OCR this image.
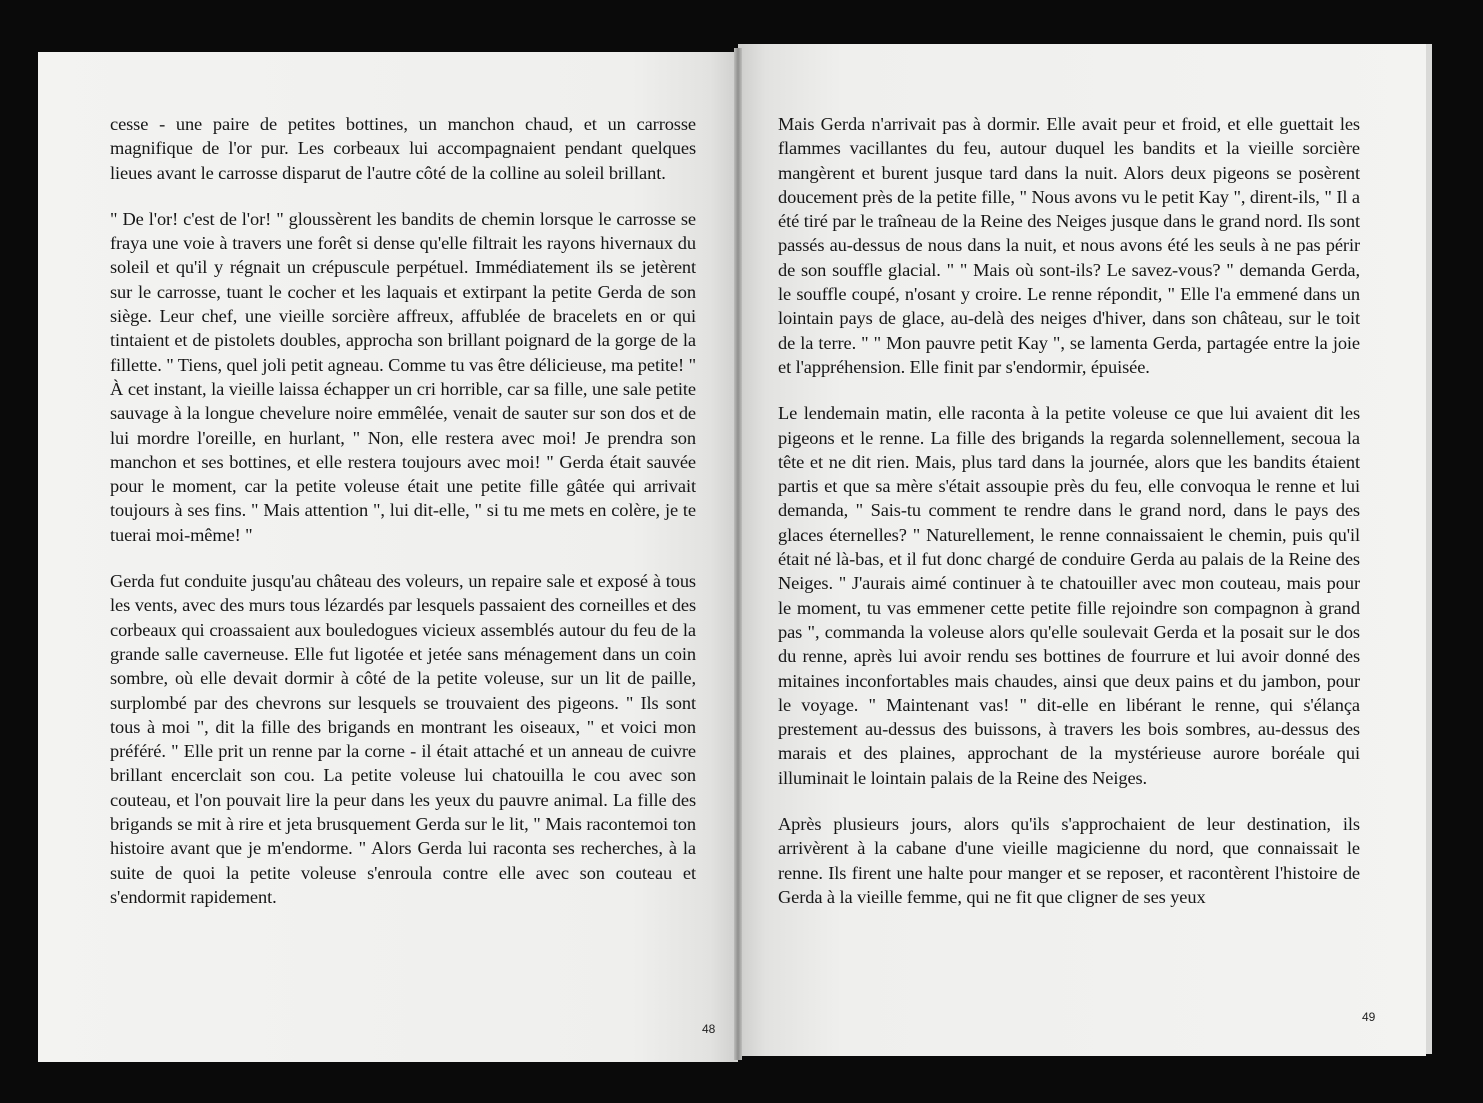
cesse - une paire de petites bottines, un manchon chaud, et un carrosse magnifique de l'or pur. Les corbeaux lui accompagnaient pendant quelques lieues avant le carrosse disparut de l'autre côté de la colline au soleil brillant.

" De l'or! c'est de l'or! " gloussèrent les bandits de chemin lorsque le carrosse se fraya une voie à travers une forêt si dense qu'elle filtrait les rayons hivernaux du soleil et qu'il y régnait un crépuscule perpétuel. Immédiatement ils se jetèrent sur le carrosse, tuant le cocher et les laquais et extirpant la petite Gerda de son siège. Leur chef, une vieille sorcière affreux, affublée de bracelets en or qui tintaient et de pistolets doubles, approcha son brillant poignard de la gorge de la fillette. " Tiens, quel joli petit agneau. Comme tu vas être délicieuse, ma petite! " À cet instant, la vieille laissa échapper un cri horrible, car sa fille, une sale petite sauvage à la longue chevelure noire emmêlée, venait de sauter sur son dos et de lui mordre l'oreille, en hurlant, " Non, elle restera avec moi! Je prendra son manchon et ses bottines, et elle restera toujours avec moi! " Gerda était sauvée pour le moment, car la petite voleuse était une petite fille gâtée qui arrivait toujours à ses fins. " Mais attention ", lui dit-elle, " si tu me mets en colère, je te tuerai moi-même! "

Gerda fut conduite jusqu'au château des voleurs, un repaire sale et exposé à tous les vents, avec des murs tous lézardés par lesquels passaient des corneilles et des corbeaux qui croassaient aux bouledogues vicieux assemblés autour du feu de la grande salle caverneuse. Elle fut ligotée et jetée sans ménagement dans un coin sombre, où elle devait dormir à côté de la petite voleuse, sur un lit de paille, surplombé par des chevrons sur lesquels se trouvaient des pigeons. " Ils sont tous à moi ", dit la fille des brigands en montrant les oiseaux, " et voici mon préféré. " Elle prit un renne par la corne - il était attaché et un anneau de cuivre brillant encerclait son cou. La petite voleuse lui chatouilla le cou avec son couteau, et l'on pouvait lire la peur dans les yeux du pauvre animal. La fille des brigands se mit à rire et jeta brusquement Gerda sur le lit, " Mais racontemoi ton histoire avant que je m'endorme. " Alors Gerda lui raconta ses recherches, à la suite de quoi la petite voleuse s'enroula contre elle avec son couteau et s'endormit rapidement.

48

Mais Gerda n'arrivait pas à dormir. Elle avait peur et froid, et elle guettait les flammes vacillantes du feu, autour duquel les bandits et la vieille sorcière mangèrent et burent jusque tard dans la nuit. Alors deux pigeons se posèrent doucement près de la petite fille, " Nous avons vu le petit Kay ", dirent-ils, " Il a été tiré par le traîneau de la Reine des Neiges jusque dans le grand nord. Ils sont passés au-dessus de nous dans la nuit, et nous avons été les seuls à ne pas périr de son souffle glacial. " " Mais où sont-ils? Le savez-vous? " demanda Gerda, le souffle coupé, n'osant y croire. Le renne répondit, " Elle l'a emmené dans un lointain pays de glace, au-delà des neiges d'hiver, dans son château, sur le toit de la terre. " " Mon pauvre petit Kay ", se lamenta Gerda, partagée entre la joie et l'appréhension. Elle finit par s'endormir, épuisée.

Le lendemain matin, elle raconta à la petite voleuse ce que lui avaient dit les pigeons et le renne. La fille des brigands la regarda solennellement, secoua la tête et ne dit rien. Mais, plus tard dans la journée, alors que les bandits étaient partis et que sa mère s'était assoupie près du feu, elle convoqua le renne et lui demanda, " Sais-tu comment te rendre dans le grand nord, dans le pays des glaces éternelles? " Naturellement, le renne connaissaient le chemin, puis qu'il était né là-bas, et il fut donc chargé de conduire Gerda au palais de la Reine des Neiges. " J'aurais aimé continuer à te chatouiller avec mon couteau, mais pour le moment, tu vas emmener cette petite fille rejoindre son compagnon à grand pas ", commanda la voleuse alors qu'elle soulevait Gerda et la posait sur le dos du renne, après lui avoir rendu ses bottines de fourrure et lui avoir donné des mitaines inconfortables mais chaudes, ainsi que deux pains et du jambon, pour le voyage. " Maintenant vas! " dit-elle en libérant le renne, qui s'élança prestement au-dessus des buissons, à travers les bois sombres, au-dessus des marais et des plaines, approchant de la mystérieuse aurore boréale qui illuminait le lointain palais de la Reine des Neiges.

Après plusieurs jours, alors qu'ils s'approchaient de leur destination, ils arrivèrent à la cabane d'une vieille magicienne du nord, que connaissait le renne. Ils firent une halte pour manger et se reposer, et racontèrent l'histoire de Gerda à la vieille femme, qui ne fit que cligner de ses yeux

49
